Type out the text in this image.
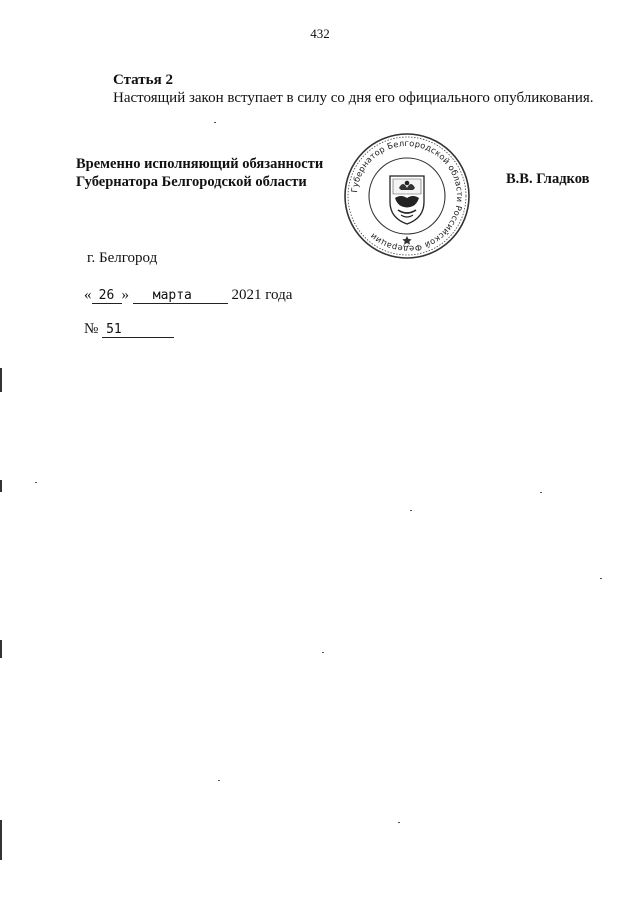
432
Статья 2
Настоящий закон вступает в силу со дня его официального опубликования.
Временно исполняющий обязанности
Губернатора Белгородской области	Губернатор Белгородской области Российской Федерации
В.В. Гладков
г. Белгород
« 26 » марта	2021 года
№ 51
